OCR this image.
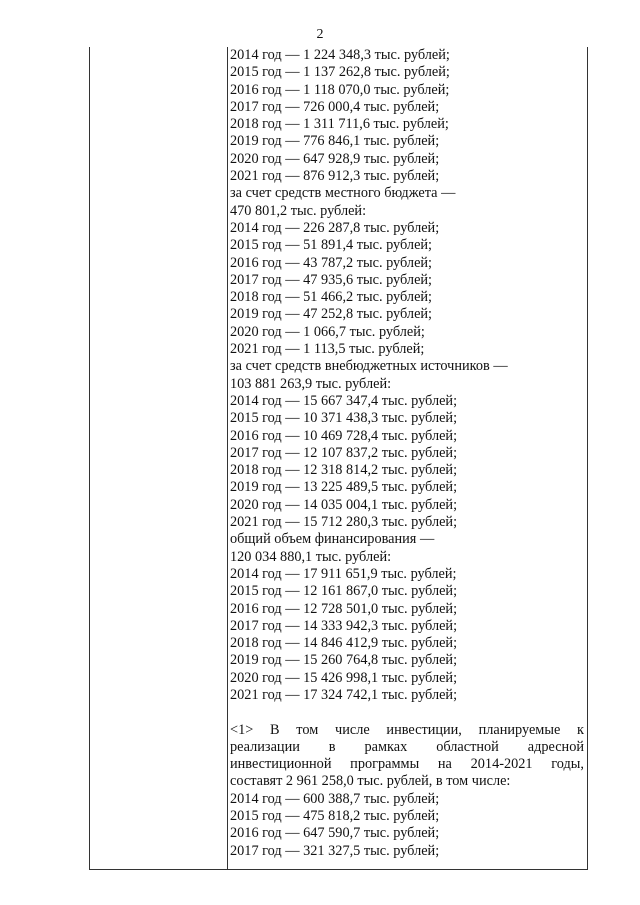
2
2014 год — 1 224 348,3 тыс. рублей;
2015 год — 1 137 262,8 тыс. рублей;
2016 год — 1 118 070,0 тыс. рублей;
2017 год — 726 000,4 тыс. рублей;
2018 год — 1 311 711,6 тыс. рублей;
2019 год — 776 846,1 тыс. рублей;
2020 год — 647 928,9 тыс. рублей;
2021 год — 876 912,3 тыс. рублей;
за счет средств местного бюджета —
470 801,2 тыс. рублей:
2014 год — 226 287,8 тыс. рублей;
2015 год — 51 891,4 тыс. рублей;
2016 год — 43 787,2 тыс. рублей;
2017 год — 47 935,6 тыс. рублей;
2018 год — 51 466,2 тыс. рублей;
2019 год — 47 252,8 тыс. рублей;
2020 год — 1 066,7 тыс. рублей;
2021 год — 1 113,5 тыс. рублей;
за счет средств внебюджетных источников —
103 881 263,9 тыс. рублей:
2014 год — 15 667 347,4 тыс. рублей;
2015 год — 10 371 438,3 тыс. рублей;
2016 год — 10 469 728,4 тыс. рублей;
2017 год — 12 107 837,2 тыс. рублей;
2018 год — 12 318 814,2 тыс. рублей;
2019 год — 13 225 489,5 тыс. рублей;
2020 год — 14 035 004,1 тыс. рублей;
2021 год — 15 712 280,3 тыс. рублей;
общий объем финансирования —
120 034 880,1 тыс. рублей:
2014 год — 17 911 651,9 тыс. рублей;
2015 год — 12 161 867,0 тыс. рублей;
2016 год — 12 728 501,0 тыс. рублей;
2017 год — 14 333 942,3 тыс. рублей;
2018 год — 14 846 412,9 тыс. рублей;
2019 год — 15 260 764,8 тыс. рублей;
2020 год — 15 426 998,1 тыс. рублей;
2021 год — 17 324 742,1 тыс. рублей;
<1> В том числе инвестиции, планируемые к
реализации в рамках областной адресной
инвестиционной программы на 2014-2021 годы,
составят 2 961 258,0 тыс. рублей, в том числе:
2014 год — 600 388,7 тыс. рублей;
2015 год — 475 818,2 тыс. рублей;
2016 год — 647 590,7 тыс. рублей;
2017 год — 321 327,5 тыс. рублей;
